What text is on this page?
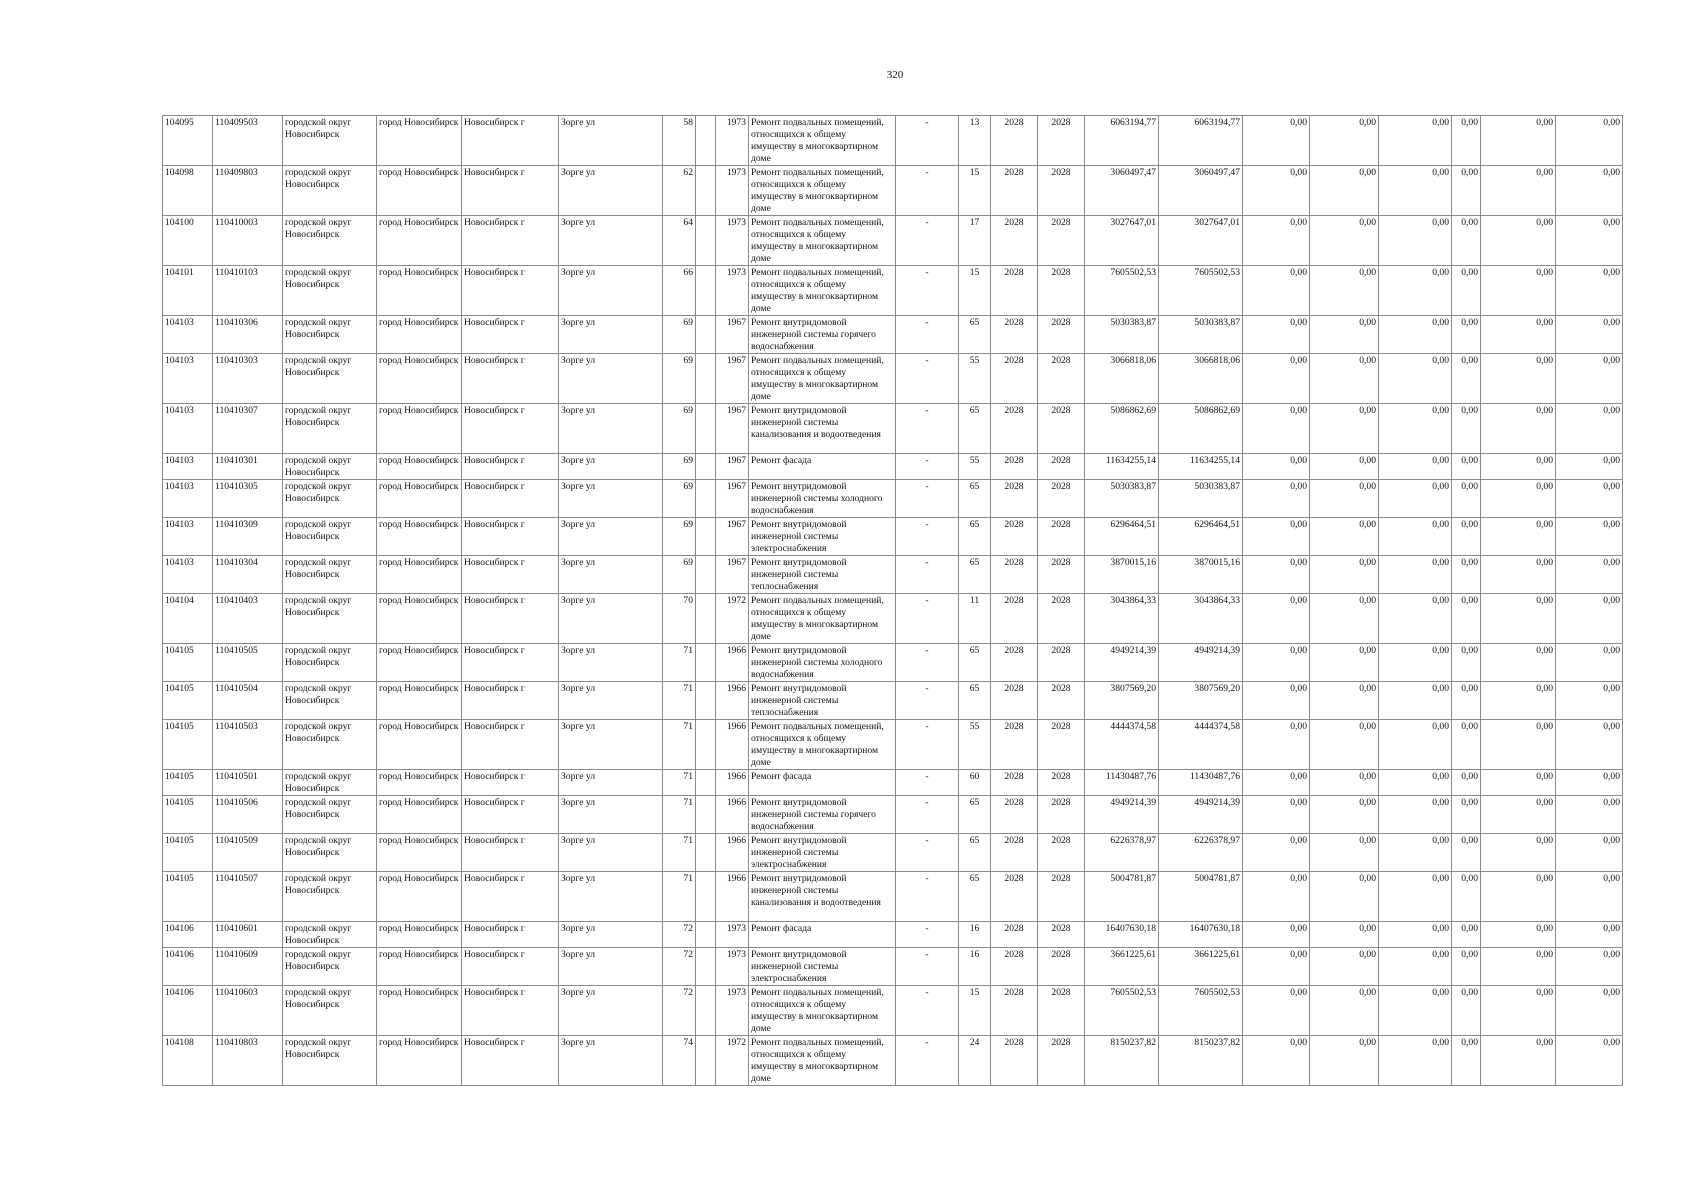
320
104095	110409503	городской округ Новосибирск	город Новосибирск	Новосибирск г	Зорге ул	58		1973	Ремонт подвальных помещений, относящихся к общему имуществу в многоквартирном доме	-	13	2028	2028	6063194,77	6063194,77	0,00	0,00	0,00	0,00	0,00	0,00
104098	110409803	городской округ Новосибирск	город Новосибирск	Новосибирск г	Зорге ул	62		1973	Ремонт подвальных помещений, относящихся к общему имуществу в многоквартирном доме	-	15	2028	2028	3060497,47	3060497,47	0,00	0,00	0,00	0,00	0,00	0,00
104100	110410003	городской округ Новосибирск	город Новосибирск	Новосибирск г	Зорге ул	64		1973	Ремонт подвальных помещений, относящихся к общему имуществу в многоквартирном доме	-	17	2028	2028	3027647,01	3027647,01	0,00	0,00	0,00	0,00	0,00	0,00
104101	110410103	городской округ Новосибирск	город Новосибирск	Новосибирск г	Зорге ул	66		1973	Ремонт подвальных помещений, относящихся к общему имуществу в многоквартирном доме	-	15	2028	2028	7605502,53	7605502,53	0,00	0,00	0,00	0,00	0,00	0,00
104103	110410306	городской округ Новосибирск	город Новосибирск	Новосибирск г	Зорге ул	69		1967	Ремонт внутридомовой инженерной системы горячего водоснабжения	-	65	2028	2028	5030383,87	5030383,87	0,00	0,00	0,00	0,00	0,00	0,00
104103	110410303	городской округ Новосибирск	город Новосибирск	Новосибирск г	Зорге ул	69		1967	Ремонт подвальных помещений, относящихся к общему имуществу в многоквартирном доме	-	55	2028	2028	3066818,06	3066818,06	0,00	0,00	0,00	0,00	0,00	0,00
104103	110410307	городской округ Новосибирск	город Новосибирск	Новосибирск г	Зорге ул	69		1967	Ремонт внутридомовой инженерной системы канализования и водоотведения	-	65	2028	2028	5086862,69	5086862,69	0,00	0,00	0,00	0,00	0,00	0,00
104103	110410301	городской округ Новосибирск	город Новосибирск	Новосибирск г	Зорге ул	69		1967	Ремонт фасада	-	55	2028	2028	11634255,14	11634255,14	0,00	0,00	0,00	0,00	0,00	0,00
104103	110410305	городской округ Новосибирск	город Новосибирск	Новосибирск г	Зорге ул	69		1967	Ремонт внутридомовой инженерной системы холодного водоснабжения	-	65	2028	2028	5030383,87	5030383,87	0,00	0,00	0,00	0,00	0,00	0,00
104103	110410309	городской округ Новосибирск	город Новосибирск	Новосибирск г	Зорге ул	69		1967	Ремонт внутридомовой инженерной системы электроснабжения	-	65	2028	2028	6296464,51	6296464,51	0,00	0,00	0,00	0,00	0,00	0,00
104103	110410304	городской округ Новосибирск	город Новосибирск	Новосибирск г	Зорге ул	69		1967	Ремонт внутридомовой инженерной системы теплоснабжения	-	65	2028	2028	3870015,16	3870015,16	0,00	0,00	0,00	0,00	0,00	0,00
104104	110410403	городской округ Новосибирск	город Новосибирск	Новосибирск г	Зорге ул	70		1972	Ремонт подвальных помещений, относящихся к общему имуществу в многоквартирном доме	-	11	2028	2028	3043864,33	3043864,33	0,00	0,00	0,00	0,00	0,00	0,00
104105	110410505	городской округ Новосибирск	город Новосибирск	Новосибирск г	Зорге ул	71		1966	Ремонт внутридомовой инженерной системы холодного водоснабжения	-	65	2028	2028	4949214,39	4949214,39	0,00	0,00	0,00	0,00	0,00	0,00
104105	110410504	городской округ Новосибирск	город Новосибирск	Новосибирск г	Зорге ул	71		1966	Ремонт внутридомовой инженерной системы теплоснабжения	-	65	2028	2028	3807569,20	3807569,20	0,00	0,00	0,00	0,00	0,00	0,00
104105	110410503	городской округ Новосибирск	город Новосибирск	Новосибирск г	Зорге ул	71		1966	Ремонт подвальных помещений, относящихся к общему имуществу в многоквартирном доме	-	55	2028	2028	4444374,58	4444374,58	0,00	0,00	0,00	0,00	0,00	0,00
104105	110410501	городской округ Новосибирск	город Новосибирск	Новосибирск г	Зорге ул	71		1966	Ремонт фасада	-	60	2028	2028	11430487,76	11430487,76	0,00	0,00	0,00	0,00	0,00	0,00
104105	110410506	городской округ Новосибирск	город Новосибирск	Новосибирск г	Зорге ул	71		1966	Ремонт внутридомовой инженерной системы горячего водоснабжения	-	65	2028	2028	4949214,39	4949214,39	0,00	0,00	0,00	0,00	0,00	0,00
104105	110410509	городской округ Новосибирск	город Новосибирск	Новосибирск г	Зорге ул	71		1966	Ремонт внутридомовой инженерной системы электроснабжения	-	65	2028	2028	6226378,97	6226378,97	0,00	0,00	0,00	0,00	0,00	0,00
104105	110410507	городской округ Новосибирск	город Новосибирск	Новосибирск г	Зорге ул	71		1966	Ремонт внутридомовой инженерной системы канализования и водоотведения	-	65	2028	2028	5004781,87	5004781,87	0,00	0,00	0,00	0,00	0,00	0,00
104106	110410601	городской округ Новосибирск	город Новосибирск	Новосибирск г	Зорге ул	72		1973	Ремонт фасада	-	16	2028	2028	16407630,18	16407630,18	0,00	0,00	0,00	0,00	0,00	0,00
104106	110410609	городской округ Новосибирск	город Новосибирск	Новосибирск г	Зорге ул	72		1973	Ремонт внутридомовой инженерной системы электроснабжения	-	16	2028	2028	3661225,61	3661225,61	0,00	0,00	0,00	0,00	0,00	0,00
104106	110410603	городской округ Новосибирск	город Новосибирск	Новосибирск г	Зорге ул	72		1973	Ремонт подвальных помещений, относящихся к общему имуществу в многоквартирном доме	-	15	2028	2028	7605502,53	7605502,53	0,00	0,00	0,00	0,00	0,00	0,00
104108	110410803	городской округ Новосибирск	город Новосибирск	Новосибирск г	Зорге ул	74		1972	Ремонт подвальных помещений, относящихся к общему имуществу в многоквартирном доме	-	24	2028	2028	8150237,82	8150237,82	0,00	0,00	0,00	0,00	0,00	0,00
